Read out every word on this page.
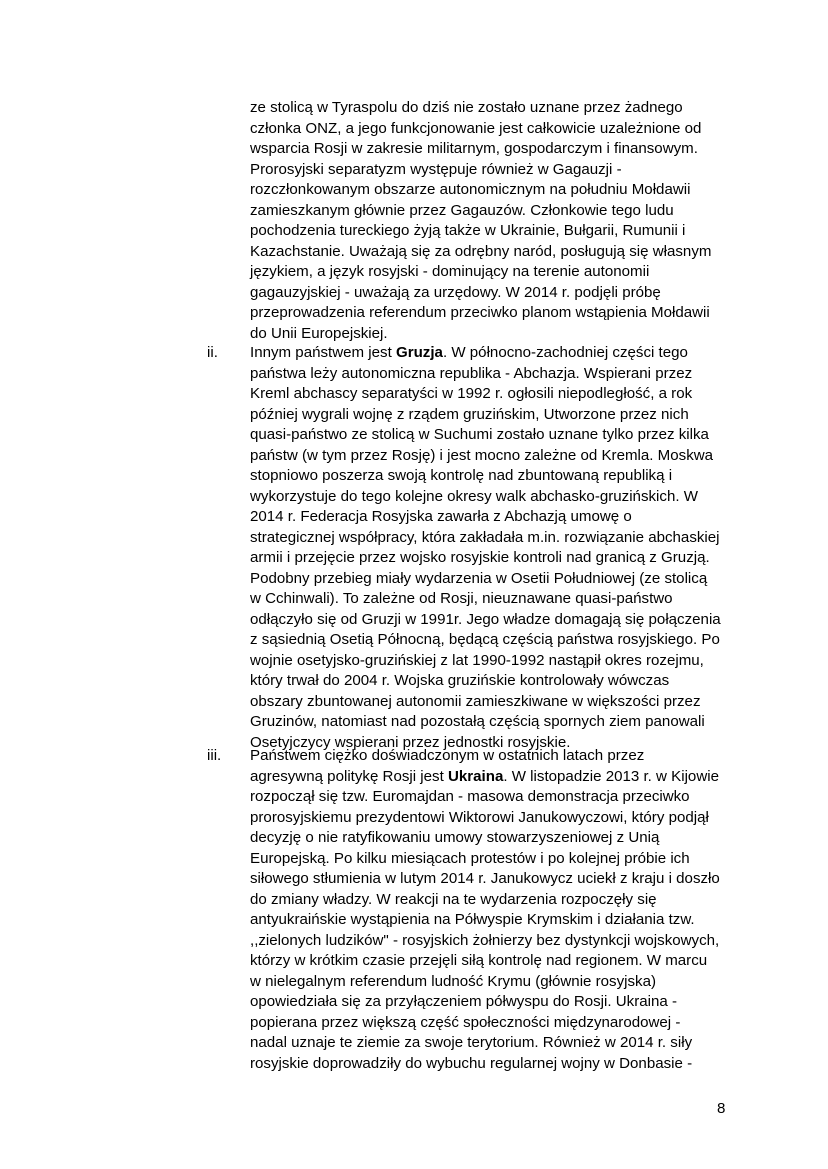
ze stolicą w Tyraspolu do dziś nie zostało uznane przez żadnego
członka ONZ, a jego funkcjonowanie jest całkowicie uzależnione od
wsparcia Rosji w zakresie militarnym, gospodarczym i finansowym.
Prorosyjski separatyzm występuje również w Gagauzji -
rozczłonkowanym obszarze autonomicznym na południu Mołdawii
zamieszkanym głównie przez Gagauzów. Członkowie tego ludu
pochodzenia tureckiego żyją także w Ukrainie, Bułgarii, Rumunii i
Kazachstanie. Uważają się za odrębny naród, posługują się własnym
językiem, a język rosyjski - dominujący na terenie autonomii
gagauzyjskiej - uważają za urzędowy. W 2014 r. podjęli próbę
przeprowadzenia referendum przeciwko planom wstąpienia Mołdawii
do Unii Europejskiej.

ii. Innym państwem jest Gruzja. W północno-zachodniej części tego
państwa leży autonomiczna republika - Abchazja. Wspierani przez
Kreml abchascy separatyści w 1992 r. ogłosili niepodległość, a rok
później wygrali wojnę z rządem gruzińskim, Utworzone przez nich
quasi-państwo ze stolicą w Suchumi zostało uznane tylko przez kilka
państw (w tym przez Rosję) i jest mocno zależne od Kremla. Moskwa
stopniowo poszerza swoją kontrolę nad zbuntowaną republiką i
wykorzystuje do tego kolejne okresy walk abchasko-gruzińskich. W
2014 r. Federacja Rosyjska zawarła z Abchazją umowę o
strategicznej współpracy, która zakładała m.in. rozwiązanie abchaskiej
armii i przejęcie przez wojsko rosyjskie kontroli nad granicą z Gruzją.
Podobny przebieg miały wydarzenia w Osetii Południowej (ze stolicą
w Cchinwali). To zależne od Rosji, nieuznawane quasi-państwo
odłączyło się od Gruzji w 1991r. Jego władze domagają się połączenia
z sąsiednią Osetią Północną, będącą częścią państwa rosyjskiego. Po
wojnie osetyjsko-gruzińskiej z lat 1990-1992 nastąpił okres rozejmu,
który trwał do 2004 r. Wojska gruzińskie kontrolowały wówczas
obszary zbuntowanej autonomii zamieszkiwane w większości przez
Gruzinów, natomiast nad pozostałą częścią spornych ziem panowali
Osetyjczycy wspierani przez jednostki rosyjskie.

iii. Państwem ciężko doświadczonym w ostatnich latach przez
agresywną politykę Rosji jest Ukraina. W listopadzie 2013 r. w Kijowie
rozpoczął się tzw. Euromajdan - masowa demonstracja przeciwko
prorosyjskiemu prezydentowi Wiktorowi Janukowyczowi, który podjął
decyzję o nie ratyfikowaniu umowy stowarzyszeniowej z Unią
Europejską. Po kilku miesiącach protestów i po kolejnej próbie ich
siłowego stłumienia w lutym 2014 r. Janukowycz uciekł z kraju i doszło
do zmiany władzy. W reakcji na te wydarzenia rozpoczęły się
antyukraińskie wystąpienia na Półwyspie Krymskim i działania tzw.
,,zielonych ludzików" - rosyjskich żołnierzy bez dystynkcji wojskowych,
którzy w krótkim czasie przejęli siłą kontrolę nad regionem. W marcu
w nielegalnym referendum ludność Krymu (głównie rosyjska)
opowiedziała się za przyłączeniem półwyspu do Rosji. Ukraina -
popierana przez większą część społeczności międzynarodowej -
nadal uznaje te ziemie za swoje terytorium. Również w 2014 r. siły
rosyjskie doprowadziły do wybuchu regularnej wojny w Donbasie -

8
